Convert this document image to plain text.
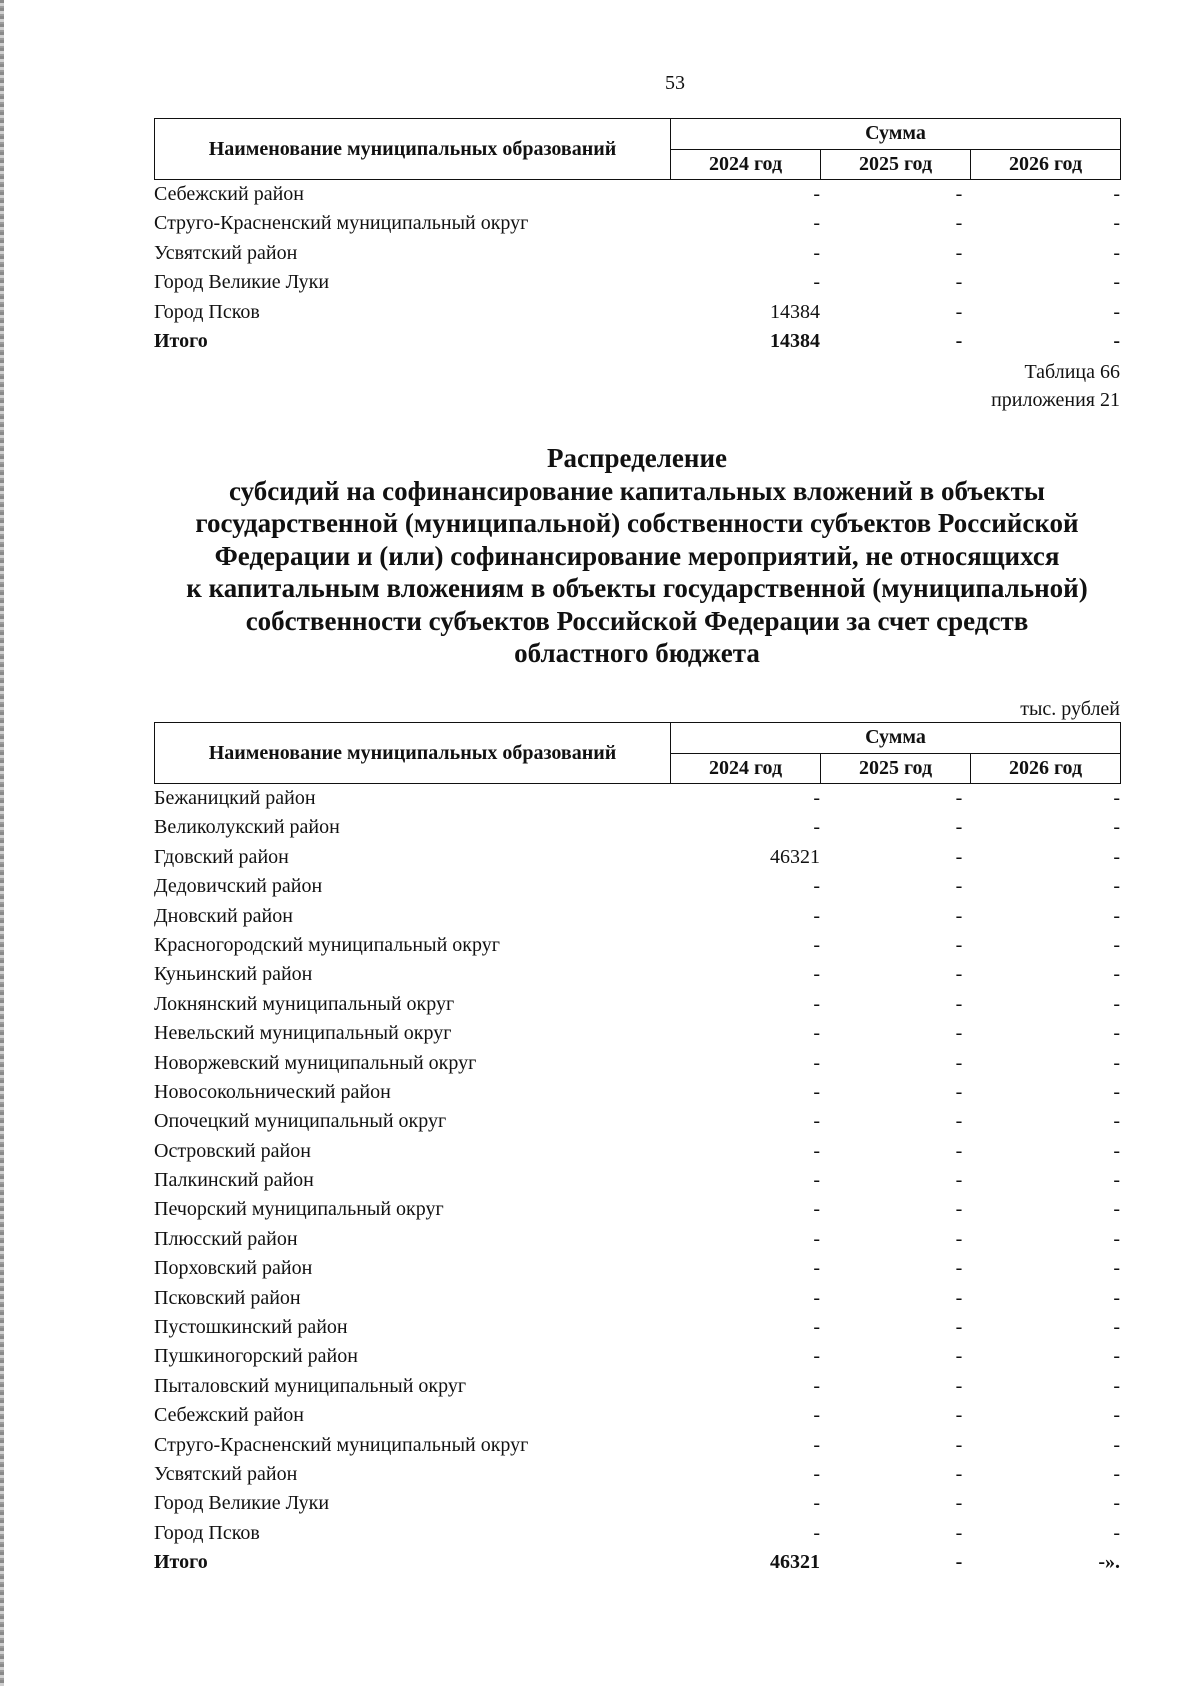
53
Наименование муниципальных образований	Сумма		
	2024 год	2025 год	2026 год
Себежский район	-	-	-
Струго-Красненский муниципальный округ	-	-	-
Усвятский район	-	-	-
Город Великие Луки	-	-	-
Город Псков	14384	-	-
Итого	14384	-	-
Таблица 66
приложения 21
Распределение
субсидий на софинансирование капитальных вложений в объекты
государственной (муниципальной) собственности субъектов Российской
Федерации и (или) софинансирование мероприятий, не относящихся
к капитальным вложениям в объекты государственной (муниципальной)
собственности субъектов Российской Федерации за счет средств
областного бюджета
тыс. рублей
Наименование муниципальных образований	Сумма		
	2024 год	2025 год	2026 год
Бежаницкий район	-	-	-
Великолукский район	-	-	-
Гдовский район	46321	-	-
Дедовичский район	-	-	-
Дновский район	-	-	-
Красногородский муниципальный округ	-	-	-
Куньинский район	-	-	-
Локнянский муниципальный округ	-	-	-
Невельский муниципальный округ	-	-	-
Новоржевский муниципальный округ	-	-	-
Новосокольнический район	-	-	-
Опочецкий муниципальный округ	-	-	-
Островский район	-	-	-
Палкинский район	-	-	-
Печорский муниципальный округ	-	-	-
Плюсский район	-	-	-
Порховский район	-	-	-
Псковский район	-	-	-
Пустошкинский район	-	-	-
Пушкиногорский район	-	-	-
Пыталовский муниципальный округ	-	-	-
Себежский район	-	-	-
Струго-Красненский муниципальный округ	-	-	-
Усвятский район	-	-	-
Город Великие Луки	-	-	-
Город Псков	-	-	-
Итого	46321	-	-».
